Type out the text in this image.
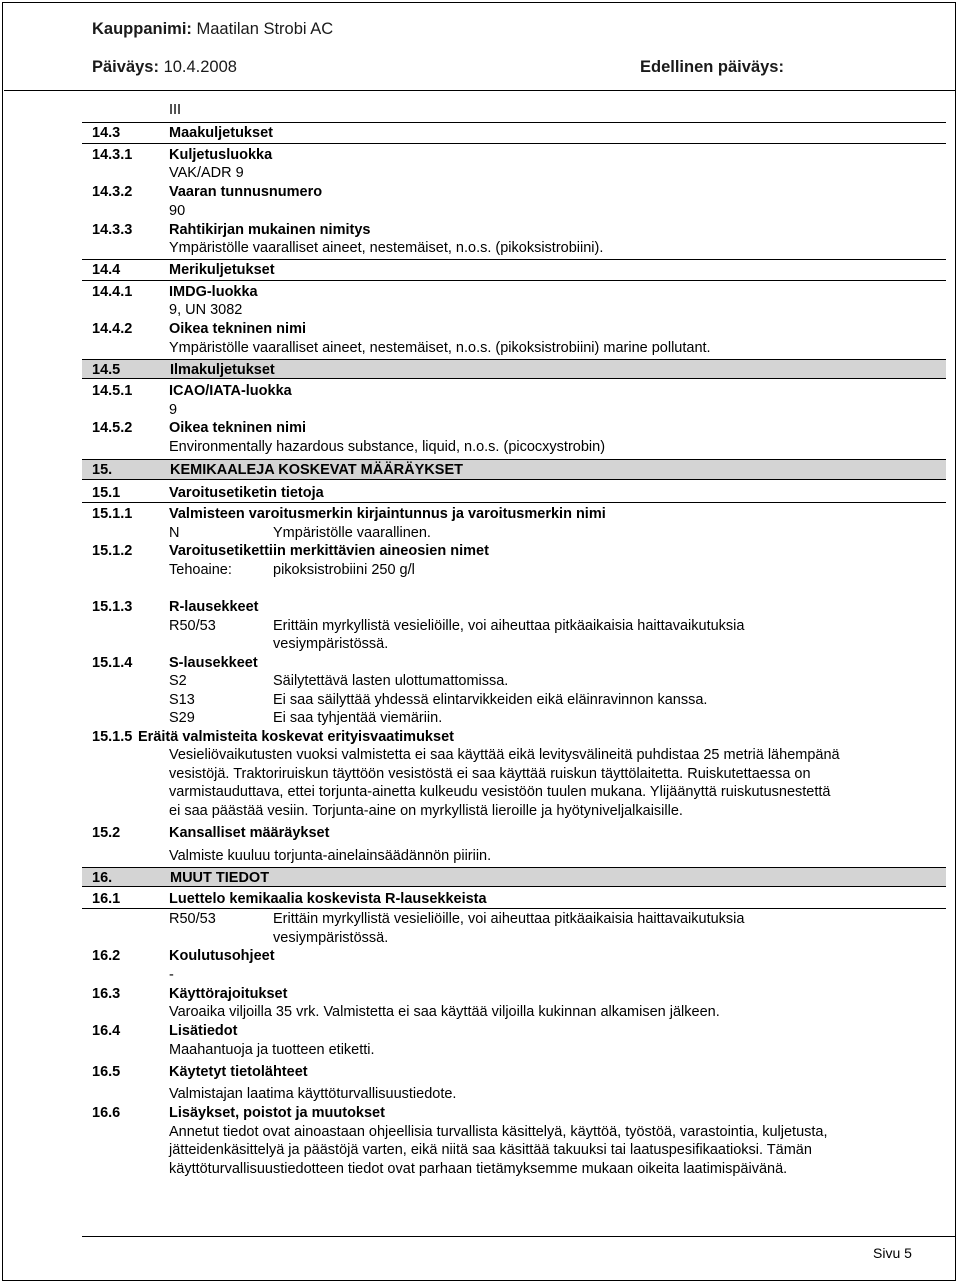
Kauppanimi: Maatilan Strobi AC
Päiväys: 10.4.2008	Edellinen päiväys:
III
14.3	Maakuljetukset
14.3.1	Kuljetusluokka
VAK/ADR 9
14.3.2	Vaaran tunnusnumero
90
14.3.3	Rahtikirjan mukainen nimitys
Ympäristölle vaaralliset aineet, nestemäiset, n.o.s. (pikoksistrobiini).
14.4	Merikuljetukset
14.4.1	IMDG-luokka
9, UN 3082
14.4.2	Oikea tekninen nimi
Ympäristölle vaaralliset aineet, nestemäiset, n.o.s. (pikoksistrobiini) marine pollutant.
14.5	Ilmakuljetukset
14.5.1	ICAO/IATA-luokka
9
14.5.2	Oikea tekninen nimi
Environmentally hazardous substance, liquid, n.o.s. (picocxystrobin)
15.	KEMIKAALEJA KOSKEVAT MÄÄRÄYKSET
15.1	Varoitusetiketin tietoja
15.1.1	Valmisteen varoitusmerkin kirjaintunnus ja varoitusmerkin nimi
N	Ympäristölle vaarallinen.
15.1.2	Varoitusetikettiin merkittävien aineosien nimet
Tehoaine:	pikoksistrobiini 250 g/l
15.1.3	R-lausekkeet
R50/53	Erittäin myrkyllistä vesieliöille, voi aiheuttaa pitkäaikaisia haittavaikutuksia
vesiympäristössä.
15.1.4	S-lausekkeet
S2	Säilytettävä lasten ulottumattomissa.
S13	Ei saa säilyttää yhdessä elintarvikkeiden eikä eläinravinnon kanssa.
S29	Ei saa tyhjentää viemäriin.
15.1.5 Eräitä valmisteita koskevat erityisvaatimukset
Vesieliövaikutusten vuoksi valmistetta ei saa käyttää eikä levitysvälineitä puhdistaa 25 metriä lähempänä
vesistöjä. Traktoriruiskun täyttöön vesistöstä ei saa käyttää ruiskun täyttölaitetta. Ruiskutettaessa on
varmistauduttava, ettei torjunta-ainetta kulkeudu vesistöön tuulen mukana. Ylijäänyttä ruiskutusnestettä
ei saa päästää vesiin. Torjunta-aine on myrkyllistä lieroille ja hyötyniveljalkaisille.
15.2	Kansalliset määräykset
Valmiste kuuluu torjunta-ainelainsäädännön piiriin.
16.	MUUT TIEDOT
16.1	Luettelo kemikaalia koskevista R-lausekkeista
R50/53	Erittäin myrkyllistä vesieliöille, voi aiheuttaa pitkäaikaisia haittavaikutuksia
vesiympäristössä.
16.2	Koulutusohjeet
-
16.3	Käyttörajoitukset
Varoaika viljoilla 35 vrk. Valmistetta ei saa käyttää viljoilla kukinnan alkamisen jälkeen.
16.4	Lisätiedot
Maahantuoja ja tuotteen etiketti.
16.5	Käytetyt tietolähteet
Valmistajan laatima käyttöturvallisuustiedote.
16.6	Lisäykset, poistot ja muutokset
Annetut tiedot ovat ainoastaan ohjeellisia turvallista käsittelyä, käyttöä, työstöä, varastointia, kuljetusta,
jätteidenkäsittelyä ja päästöjä varten, eikä niitä saa käsittää takuuksi tai laatuspesifikaatioksi. Tämän
käyttöturvallisuustiedotteen tiedot ovat parhaan tietämyksemme mukaan oikeita laatimispäivänä.
Sivu 5
